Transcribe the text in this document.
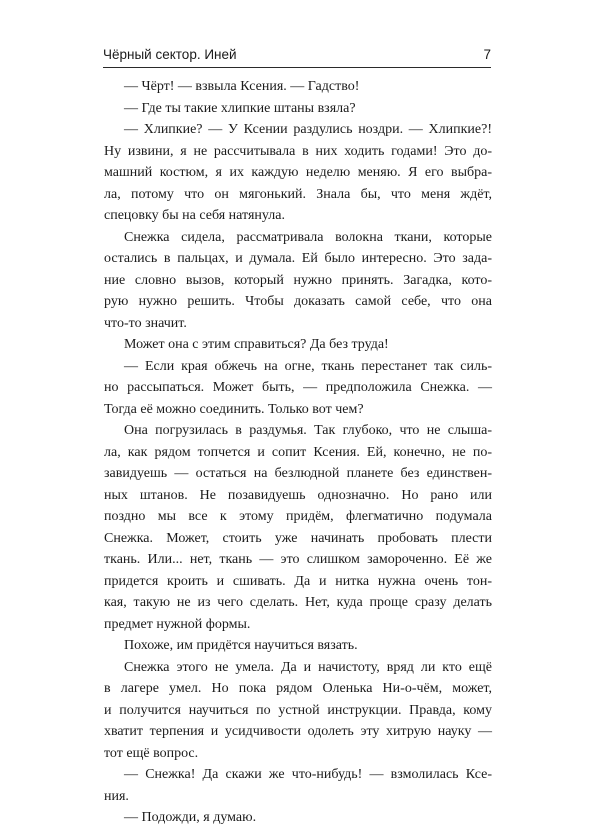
Чёрный сектор. Иней	7
— Чёрт! — взвыла Ксения. — Гадство!
— Где ты такие хлипкие штаны взяла?
— Хлипкие? — У Ксении раздулись ноздри. — Хлипкие?!
Ну извини, я не рассчитывала в них ходить годами! Это до-
машний костюм, я их каждую неделю меняю. Я его выбра-
ла, потому что он мягонький. Знала бы, что меня ждёт,
спецовку бы на себя натянула.
Снежка сидела, рассматривала волокна ткани, которые
остались в пальцах, и думала. Ей было интересно. Это зада-
ние словно вызов, который нужно принять. Загадка, кото-
рую нужно решить. Чтобы доказать самой себе, что она
что-то значит.
Может она с этим справиться? Да без труда!
— Если края обжечь на огне, ткань перестанет так силь-
но рассыпаться. Может быть, — предположила Снежка. —
Тогда её можно соединить. Только вот чем?
Она погрузилась в раздумья. Так глубоко, что не слыша-
ла, как рядом топчется и сопит Ксения. Ей, конечно, не по-
завидуешь — остаться на безлюдной планете без единствен-
ных штанов. Не позавидуешь однозначно. Но рано или
поздно мы все к этому придём, флегматично подумала
Снежка. Может, стоить уже начинать пробовать плести
ткань. Или... нет, ткань — это слишком замороченно. Её же
придется кроить и сшивать. Да и нитка нужна очень тон-
кая, такую не из чего сделать. Нет, куда проще сразу делать
предмет нужной формы.
Похоже, им придётся научиться вязать.
Снежка этого не умела. Да и начистоту, вряд ли кто ещё
в лагере умел. Но пока рядом Оленька Ни-о-чём, может,
и получится научиться по устной инструкции. Правда, кому
хватит терпения и усидчивости одолеть эту хитрую науку —
тот ещё вопрос.
— Снежка! Да скажи же что-нибудь! — взмолилась Ксе-
ния.
— Подожди, я думаю.
